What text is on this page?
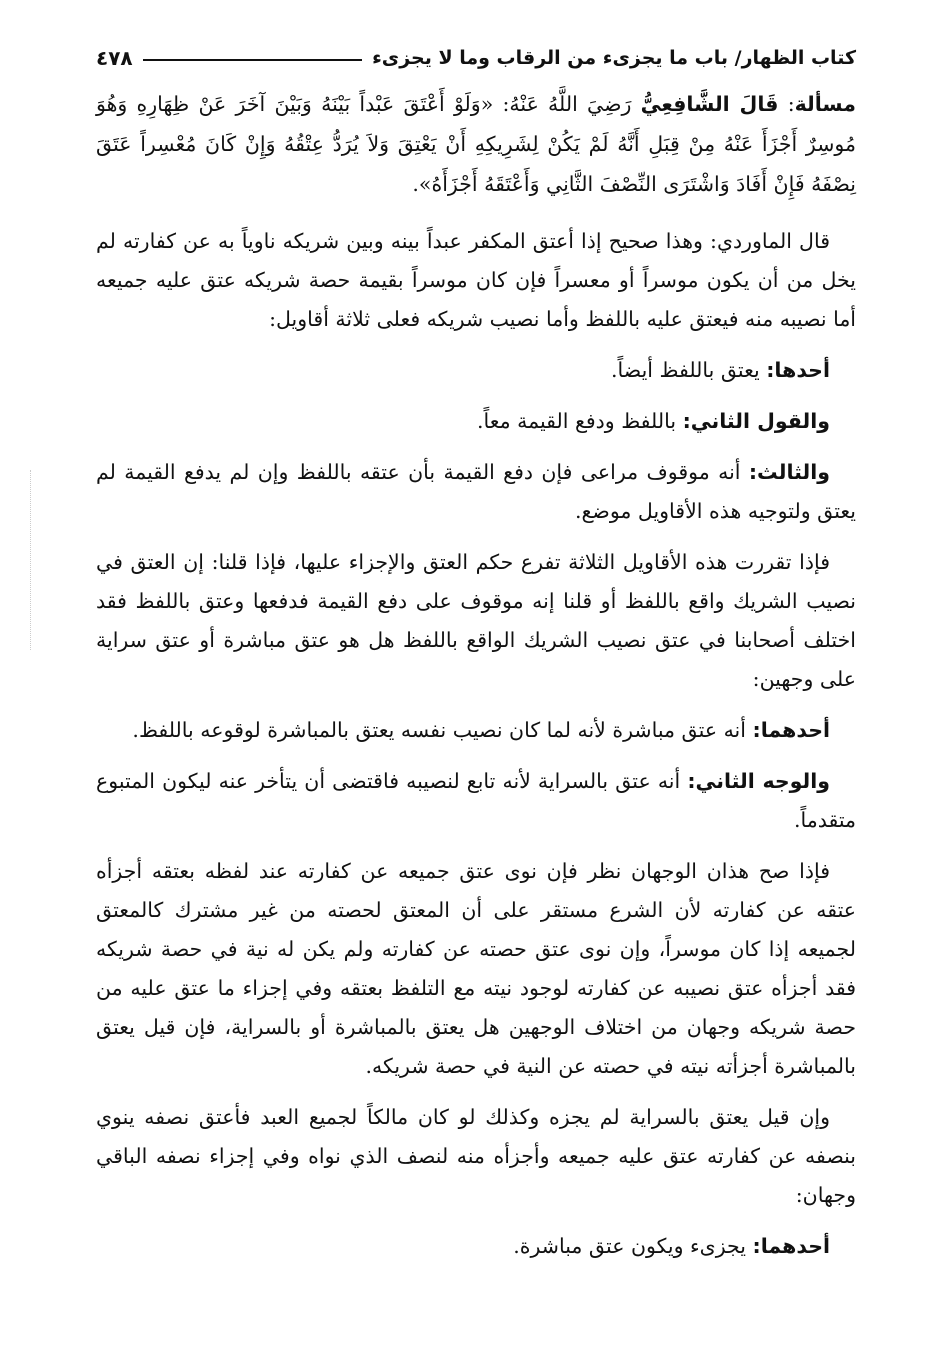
كتاب الظهار/ باب ما يجزىء من الرقاب وما لا يجزىء
٤٧٨

مسألة: قَالَ الشَّافِعِيُّ رَضِيَ اللَّهُ عَنْهُ: «وَلَوْ أَعْتَقَ عَبْداً بَيْنَهُ وَبَيْنَ آخَرَ عَنْ ظِهَارِهِ وَهُوَ مُوسِرٌ أَجْزَأَ عَنْهُ مِنْ قِبَلِ أَنَّهُ لَمْ يَكُنْ لِشَرِيكِهِ أَنْ يَعْتِقَ وَلاَ يُرَدُّ عِتْقُهُ وَإِنْ كَانَ مُعْسِراً عَتَقَ نِصْفَهُ فَإِنْ أَفَادَ وَاشْتَرَى النِّصْفَ الثَّانِي وَأَعْتَقَهُ أَجْزَأَهُ».

قال الماوردي: وهذا صحيح إذا أعتق المكفر عبداً بينه وبين شريكه ناوياً به عن كفارته لم يخل من أن يكون موسراً أو معسراً فإن كان موسراً بقيمة حصة شريكه عتق عليه جميعه أما نصيبه منه فيعتق عليه باللفظ وأما نصيب شريكه فعلى ثلاثة أقاويل:

أحدها: يعتق باللفظ أيضاً.

والقول الثاني: باللفظ ودفع القيمة معاً.

والثالث: أنه موقوف مراعى فإن دفع القيمة بأن عتقه باللفظ وإن لم يدفع القيمة لم يعتق ولتوجيه هذه الأقاويل موضع.

فإذا تقررت هذه الأقاويل الثلاثة تفرع حكم العتق والإجزاء عليها، فإذا قلنا: إن العتق في نصيب الشريك واقع باللفظ أو قلنا إنه موقوف على دفع القيمة فدفعها وعتق باللفظ فقد اختلف أصحابنا في عتق نصيب الشريك الواقع باللفظ هل هو عتق مباشرة أو عتق سراية على وجهين:

أحدهما: أنه عتق مباشرة لأنه لما كان نصيب نفسه يعتق بالمباشرة لوقوعه باللفظ.

والوجه الثاني: أنه عتق بالسراية لأنه تابع لنصيبه فاقتضى أن يتأخر عنه ليكون المتبوع متقدماً.

فإذا صح هذان الوجهان نظر فإن نوى عتق جميعه عن كفارته عند لفظه بعتقه أجزأه عتقه عن كفارته لأن الشرع مستقر على أن المعتق لحصته من غير مشترك كالمعتق لجميعه إذا كان موسراً، وإن نوى عتق حصته عن كفارته ولم يكن له نية في حصة شريكه فقد أجزأه عتق نصيبه عن كفارته لوجود نيته مع التلفظ بعتقه وفي إجزاء ما عتق عليه من حصة شريكه وجهان من اختلاف الوجهين هل يعتق بالمباشرة أو بالسراية، فإن قيل يعتق بالمباشرة أجزأته نيته في حصته عن النية في حصة شريكه.

وإن قيل يعتق بالسراية لم يجزه وكذلك لو كان مالكاً لجميع العبد فأعتق نصفه ينوي بنصفه عن كفارته عتق عليه جميعه وأجزأه منه لنصف الذي نواه وفي إجزاء نصفه الباقي وجهان:

أحدهما: يجزىء ويكون عتق مباشرة.
